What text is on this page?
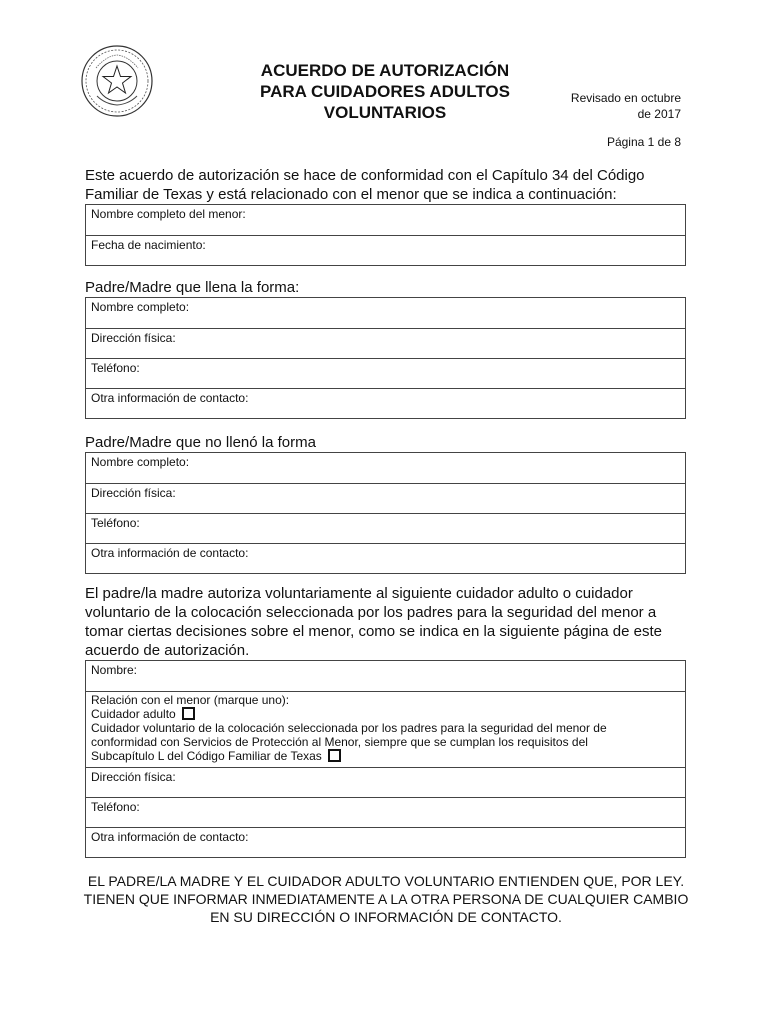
ACUERDO DE AUTORIZACIÓN
PARA CUIDADORES ADULTOS
VOLUNTARIOS
Revisado en octubre
de 2017
Página 1 de 8

Este acuerdo de autorización se hace de conformidad con el Capítulo 34 del Código Familiar de Texas y está relacionado con el menor que se indica a continuación:

Nombre completo del menor:
Fecha de nacimiento:

Padre/Madre que llena la forma:

Nombre completo:
Dirección física:
Teléfono:
Otra información de contacto:

Padre/Madre que no llenó la forma

Nombre completo:
Dirección física:
Teléfono:
Otra información de contacto:

El padre/la madre autoriza voluntariamente al siguiente cuidador adulto o cuidador voluntario de la colocación seleccionada por los padres para la seguridad del menor a tomar ciertas decisiones sobre el menor, como se indica en la siguiente página de este acuerdo de autorización.

Nombre:
Relación con el menor (marque uno):
Cuidador adulto
Cuidador voluntario de la colocación seleccionada por los padres para la seguridad del menor de
conformidad con Servicios de Protección al Menor, siempre que se cumplan los requisitos del
Subcapítulo L del Código Familiar de Texas
Dirección física:
Teléfono:
Otra información de contacto:
EL PADRE/LA MADRE Y EL CUIDADOR ADULTO VOLUNTARIO ENTIENDEN QUE, POR LEY. TIENEN QUE INFORMAR INMEDIATAMENTE A LA OTRA PERSONA DE CUALQUIER CAMBIO EN SU DIRECCIÓN O INFORMACIÓN DE CONTACTO.
